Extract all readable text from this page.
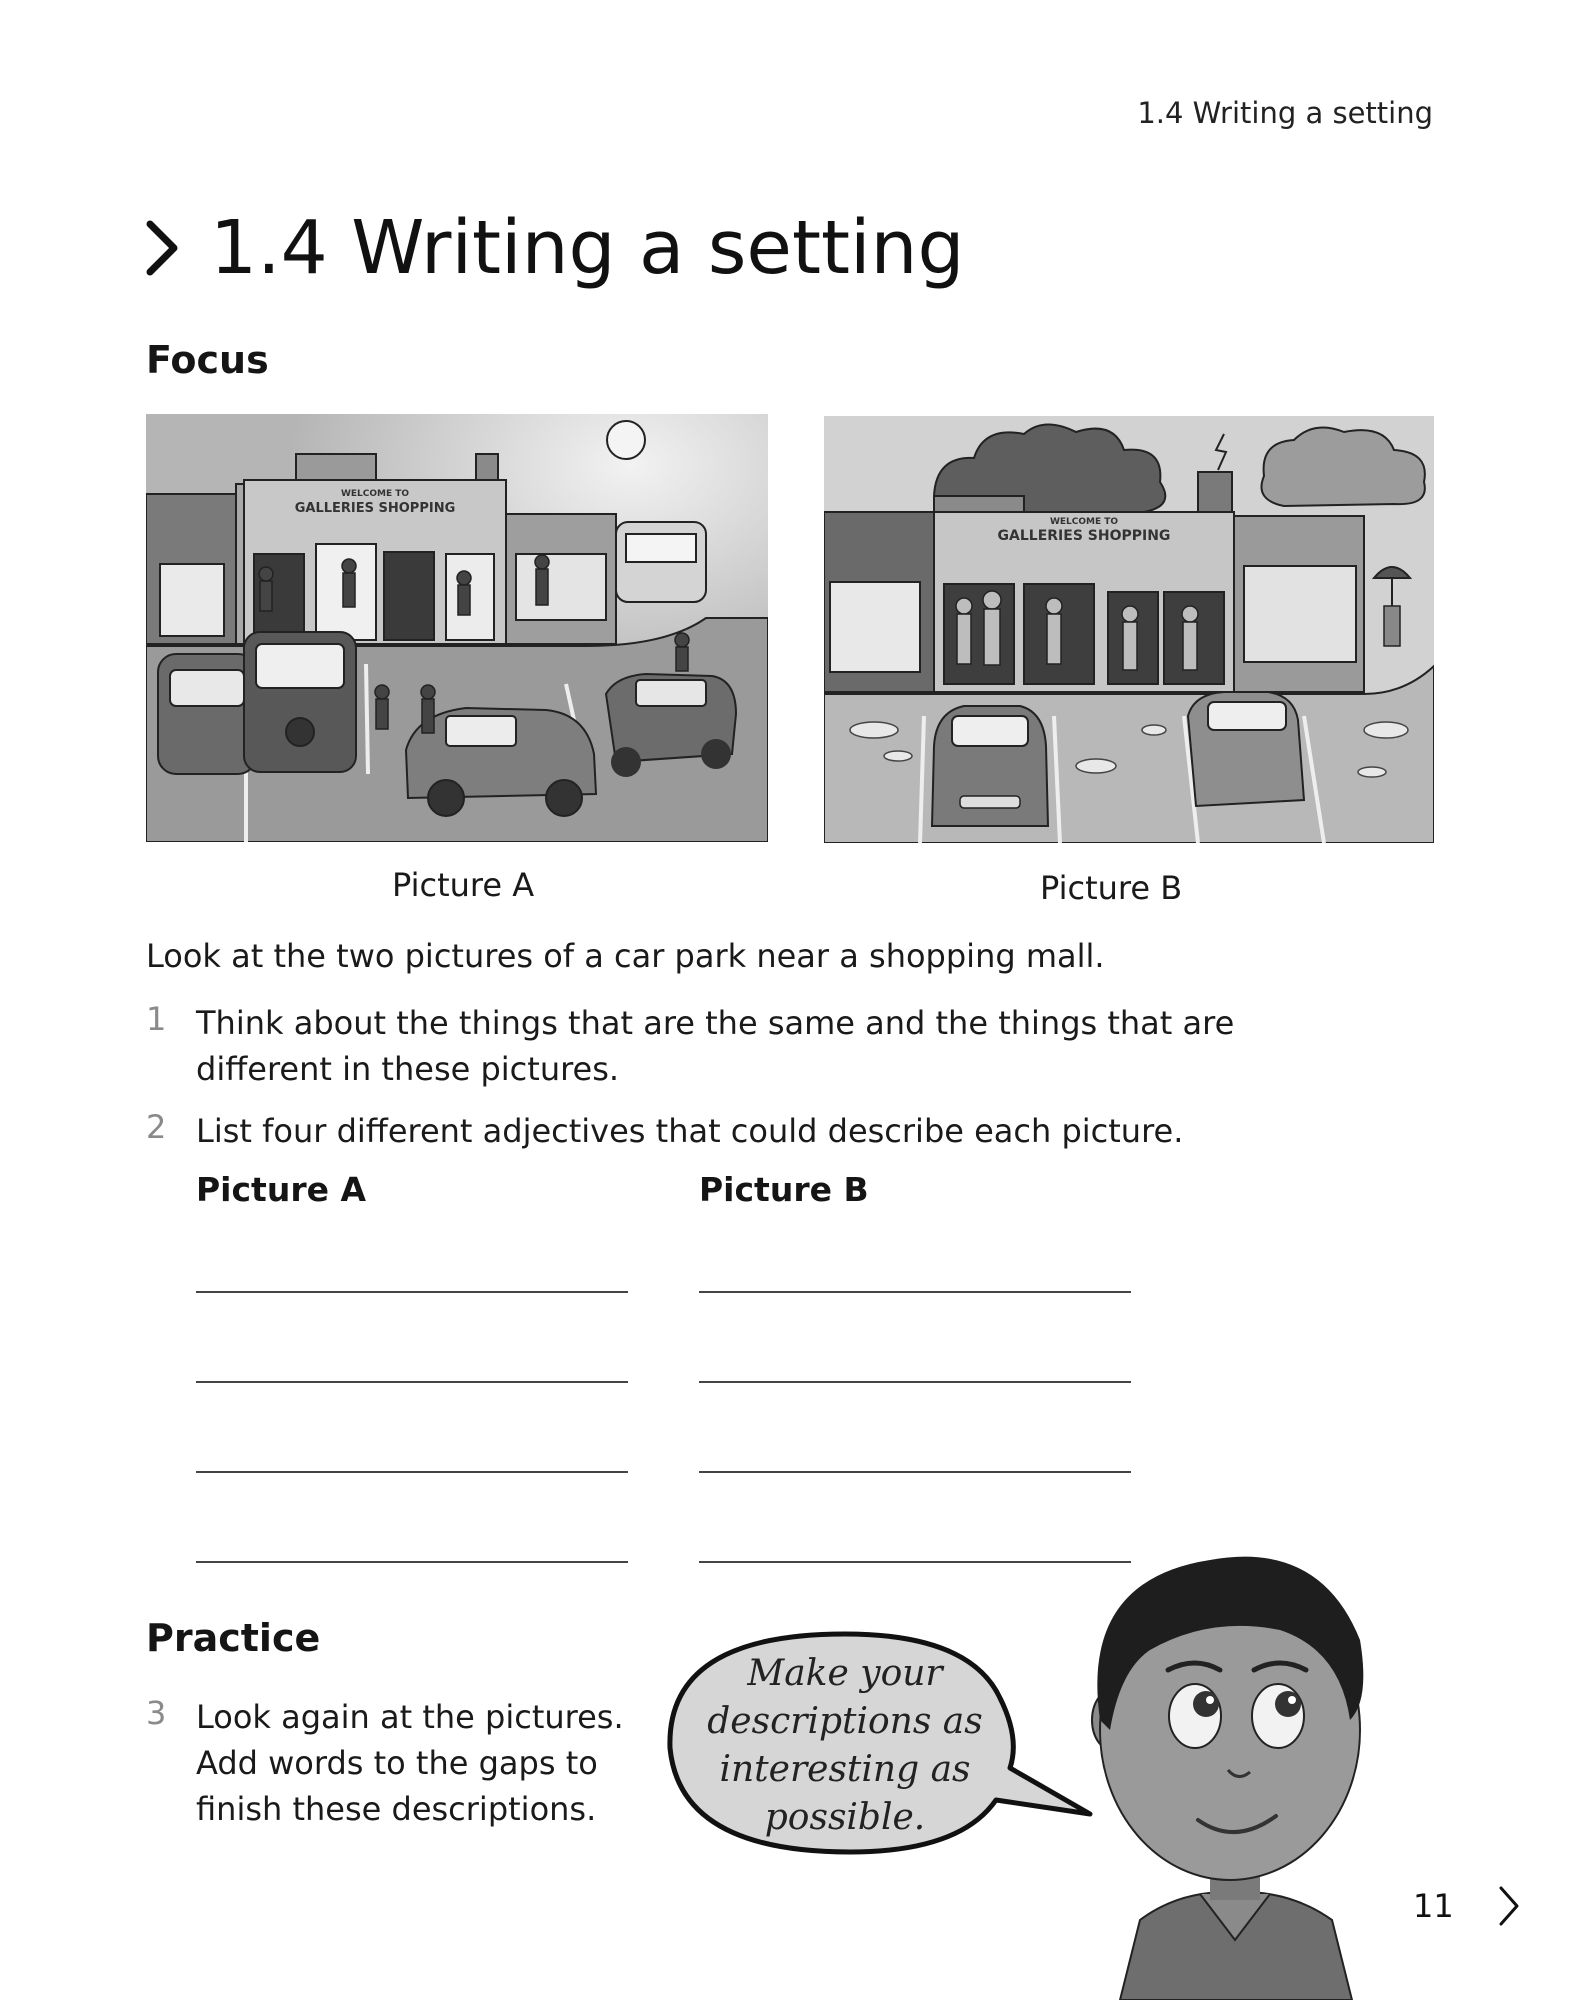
1.4 Writing a setting
1.4 Writing a setting
Focus
WELCOME TO
GALLERIES SHOPPING
WELCOME TO
GALLERIES SHOPPING
Picture A	Picture B
Look at the two pictures of a car park near a shopping mall.
1 Think about the things that are the same and the things that are different in these pictures.
2 List four different adjectives that could describe each picture.
Picture A	Picture B
Practice
3 Look again at the pictures. Add words to the gaps to finish these descriptions.
Make your descriptions as interesting as possible.
11
